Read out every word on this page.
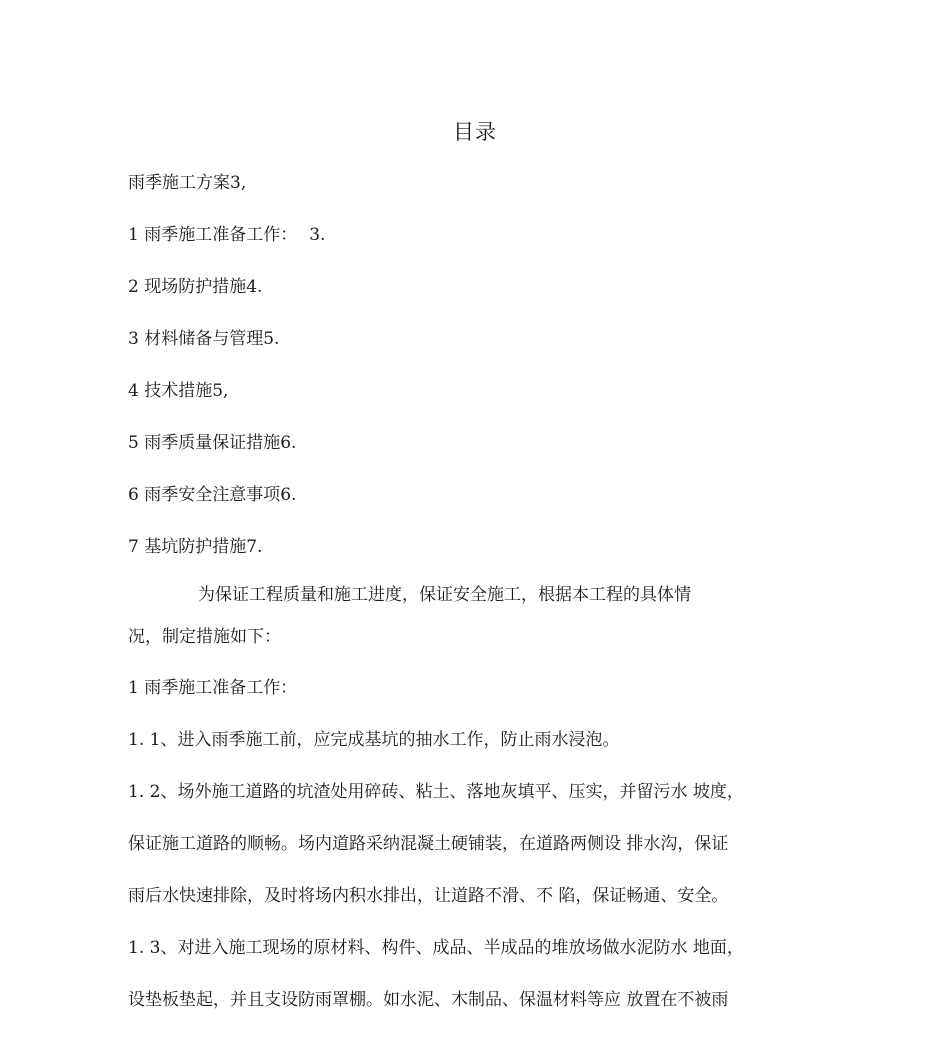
目录
雨季施工方案3,
1 雨季施工准备工作： 3.
2 现场防护措施4.
3 材料储备与管理5.
4 技术措施5,
5 雨季质量保证措施6.
6 雨季安全注意事项6.
7 基坑防护措施7.
为保证工程质量和施工进度，保证安全施工，根据本工程的具体情
况，制定措施如下：
1 雨季施工准备工作：
1. 1、进入雨季施工前，应完成基坑的抽水工作，防止雨水浸泡。
1. 2、场外施工道路的坑渣处用碎砖、粘土、落地灰填平、压实，并留污水 坡度，
保证施工道路的顺畅。场内道路采纳混凝土硬铺装，在道路两侧设 排水沟，保证
雨后水快速排除，及时将场内积水排出，让道路不滑、不 陷，保证畅通、安全。
1. 3、对进入施工现场的原材料、构件、成品、半成品的堆放场做水泥防水 地面，
设垫板垫起，并且支设防雨罩棚。如水泥、木制品、保温材料等应 放置在不被雨
